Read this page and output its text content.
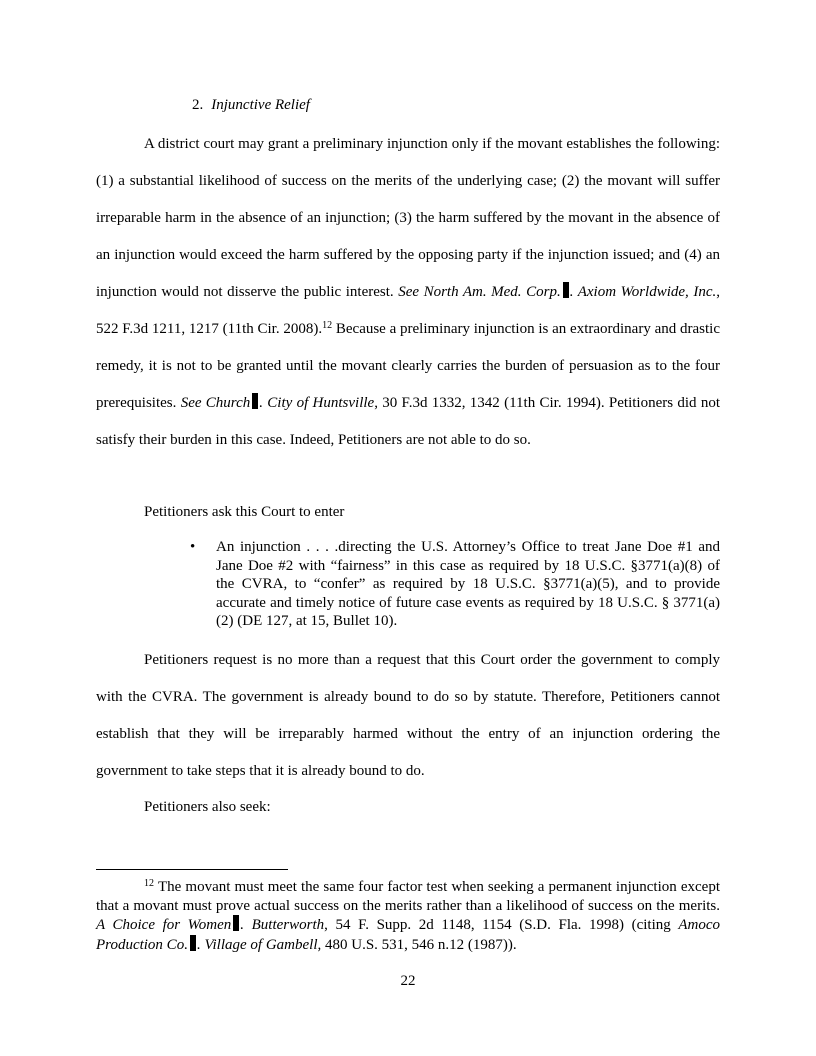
2. Injunctive Relief

A district court may grant a preliminary injunction only if the movant establishes the following: (1) a substantial likelihood of success on the merits of the underlying case; (2) the movant will suffer irreparable harm in the absence of an injunction; (3) the harm suffered by the movant in the absence of an injunction would exceed the harm suffered by the opposing party if the injunction issued; and (4) an injunction would not disserve the public interest. See North Am. Med. Corp. . Axiom Worldwide, Inc., 522 F.3d 1211, 1217 (11th Cir. 2008).$^{12}$ Because a preliminary injunction is an extraordinary and drastic remedy, it is not to be granted until the movant clearly carries the burden of persuasion as to the four prerequisites. See Church . City of Huntsville, 30 F.3d 1332, 1342 (11th Cir. 1994). Petitioners did not satisfy their burden in this case. Indeed, Petitioners are not able to do so.

Petitioners ask this Court to enter

• An injunction . . . .directing the U.S. Attorney’s Office to treat Jane Doe #1 and Jane Doe #2 with “fairness” in this case as required by 18 U.S.C. §3771(a)(8) of the CVRA, to “confer” as required by 18 U.S.C. §3771(a)(5), and to provide accurate and timely notice of future case events as required by 18 U.S.C. § 3771(a)(2) (DE 127, at 15, Bullet 10).

Petitioners request is no more than a request that this Court order the government to comply with the CVRA. The government is already bound to do so by statute. Therefore, Petitioners cannot establish that they will be irreparably harmed without the entry of an injunction ordering the government to take steps that it is already bound to do.

Petitioners also seek:

$^{12}$ The movant must meet the same four factor test when seeking a permanent injunction except that a movant must prove actual success on the merits rather than a likelihood of success on the merits. A Choice for Women . Butterworth, 54 F. Supp. 2d 1148, 1154 (S.D. Fla. 1998) (citing Amoco Production Co. . Village of Gambell, 480 U.S. 531, 546 n.12 (1987)).

22
